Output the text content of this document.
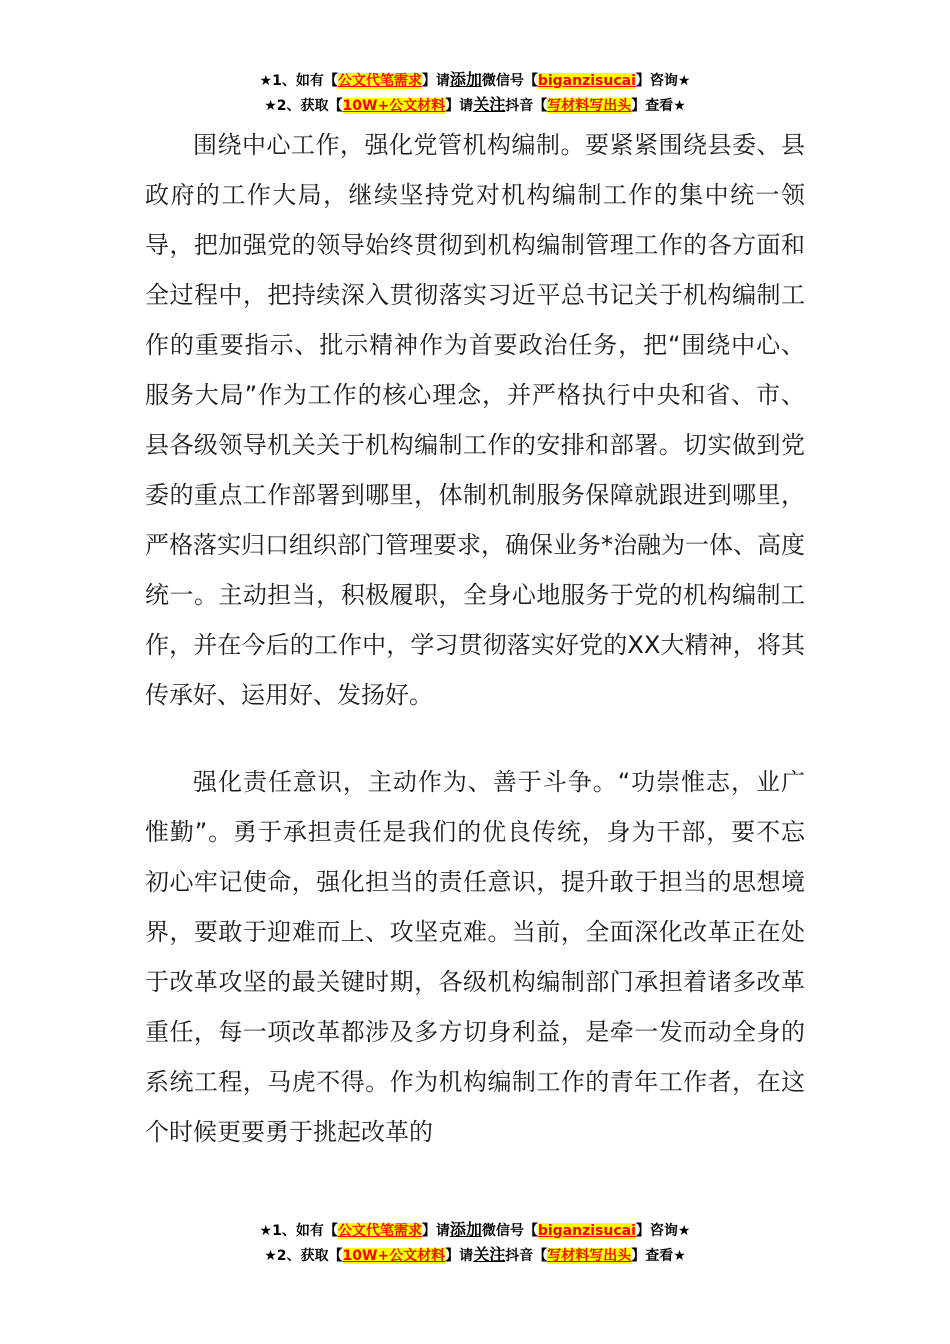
★1、如有【公文代笔需求】请添加微信号【biganzisucai】咨询★
★2、获取【10W+公文材料】请关注抖音【写材料写出头】查看★

围绕中心工作，强化党管机构编制。要紧紧围绕县委、县政府的工作大局，继续坚持党对机构编制工作的集中统一领导，把加强党的领导始终贯彻到机构编制管理工作的各方面和全过程中，把持续深入贯彻落实习近平总书记关于机构编制工作的重要指示、批示精神作为首要政治任务，把“围绕中心、服务大局”作为工作的核心理念，并严格执行中央和省、市、县各级领导机关关于机构编制工作的安排和部署。切实做到党委的重点工作部署到哪里，体制机制服务保障就跟进到哪里，严格落实归口组织部门管理要求，确保业务*治融为一体、高度统一。主动担当，积极履职，全身心地服务于党的机构编制工作，并在今后的工作中，学习贯彻落实好党的XX大精神，将其传承好、运用好、发扬好。

强化责任意识，主动作为、善于斗争。“功崇惟志，业广惟勤”。勇于承担责任是我们的优良传统，身为干部，要不忘初心牢记使命，强化担当的责任意识，提升敢于担当的思想境界，要敢于迎难而上、攻坚克难。当前，全面深化改革正在处于改革攻坚的最关键时期，各级机构编制部门承担着诸多改革重任，每一项改革都涉及多方切身利益，是牵一发而动全身的系统工程，马虎不得。作为机构编制工作的青年工作者，在这个时候更要勇于挑起改革的

★1、如有【公文代笔需求】请添加微信号【biganzisucai】咨询★
★2、获取【10W+公文材料】请关注抖音【写材料写出头】查看★
